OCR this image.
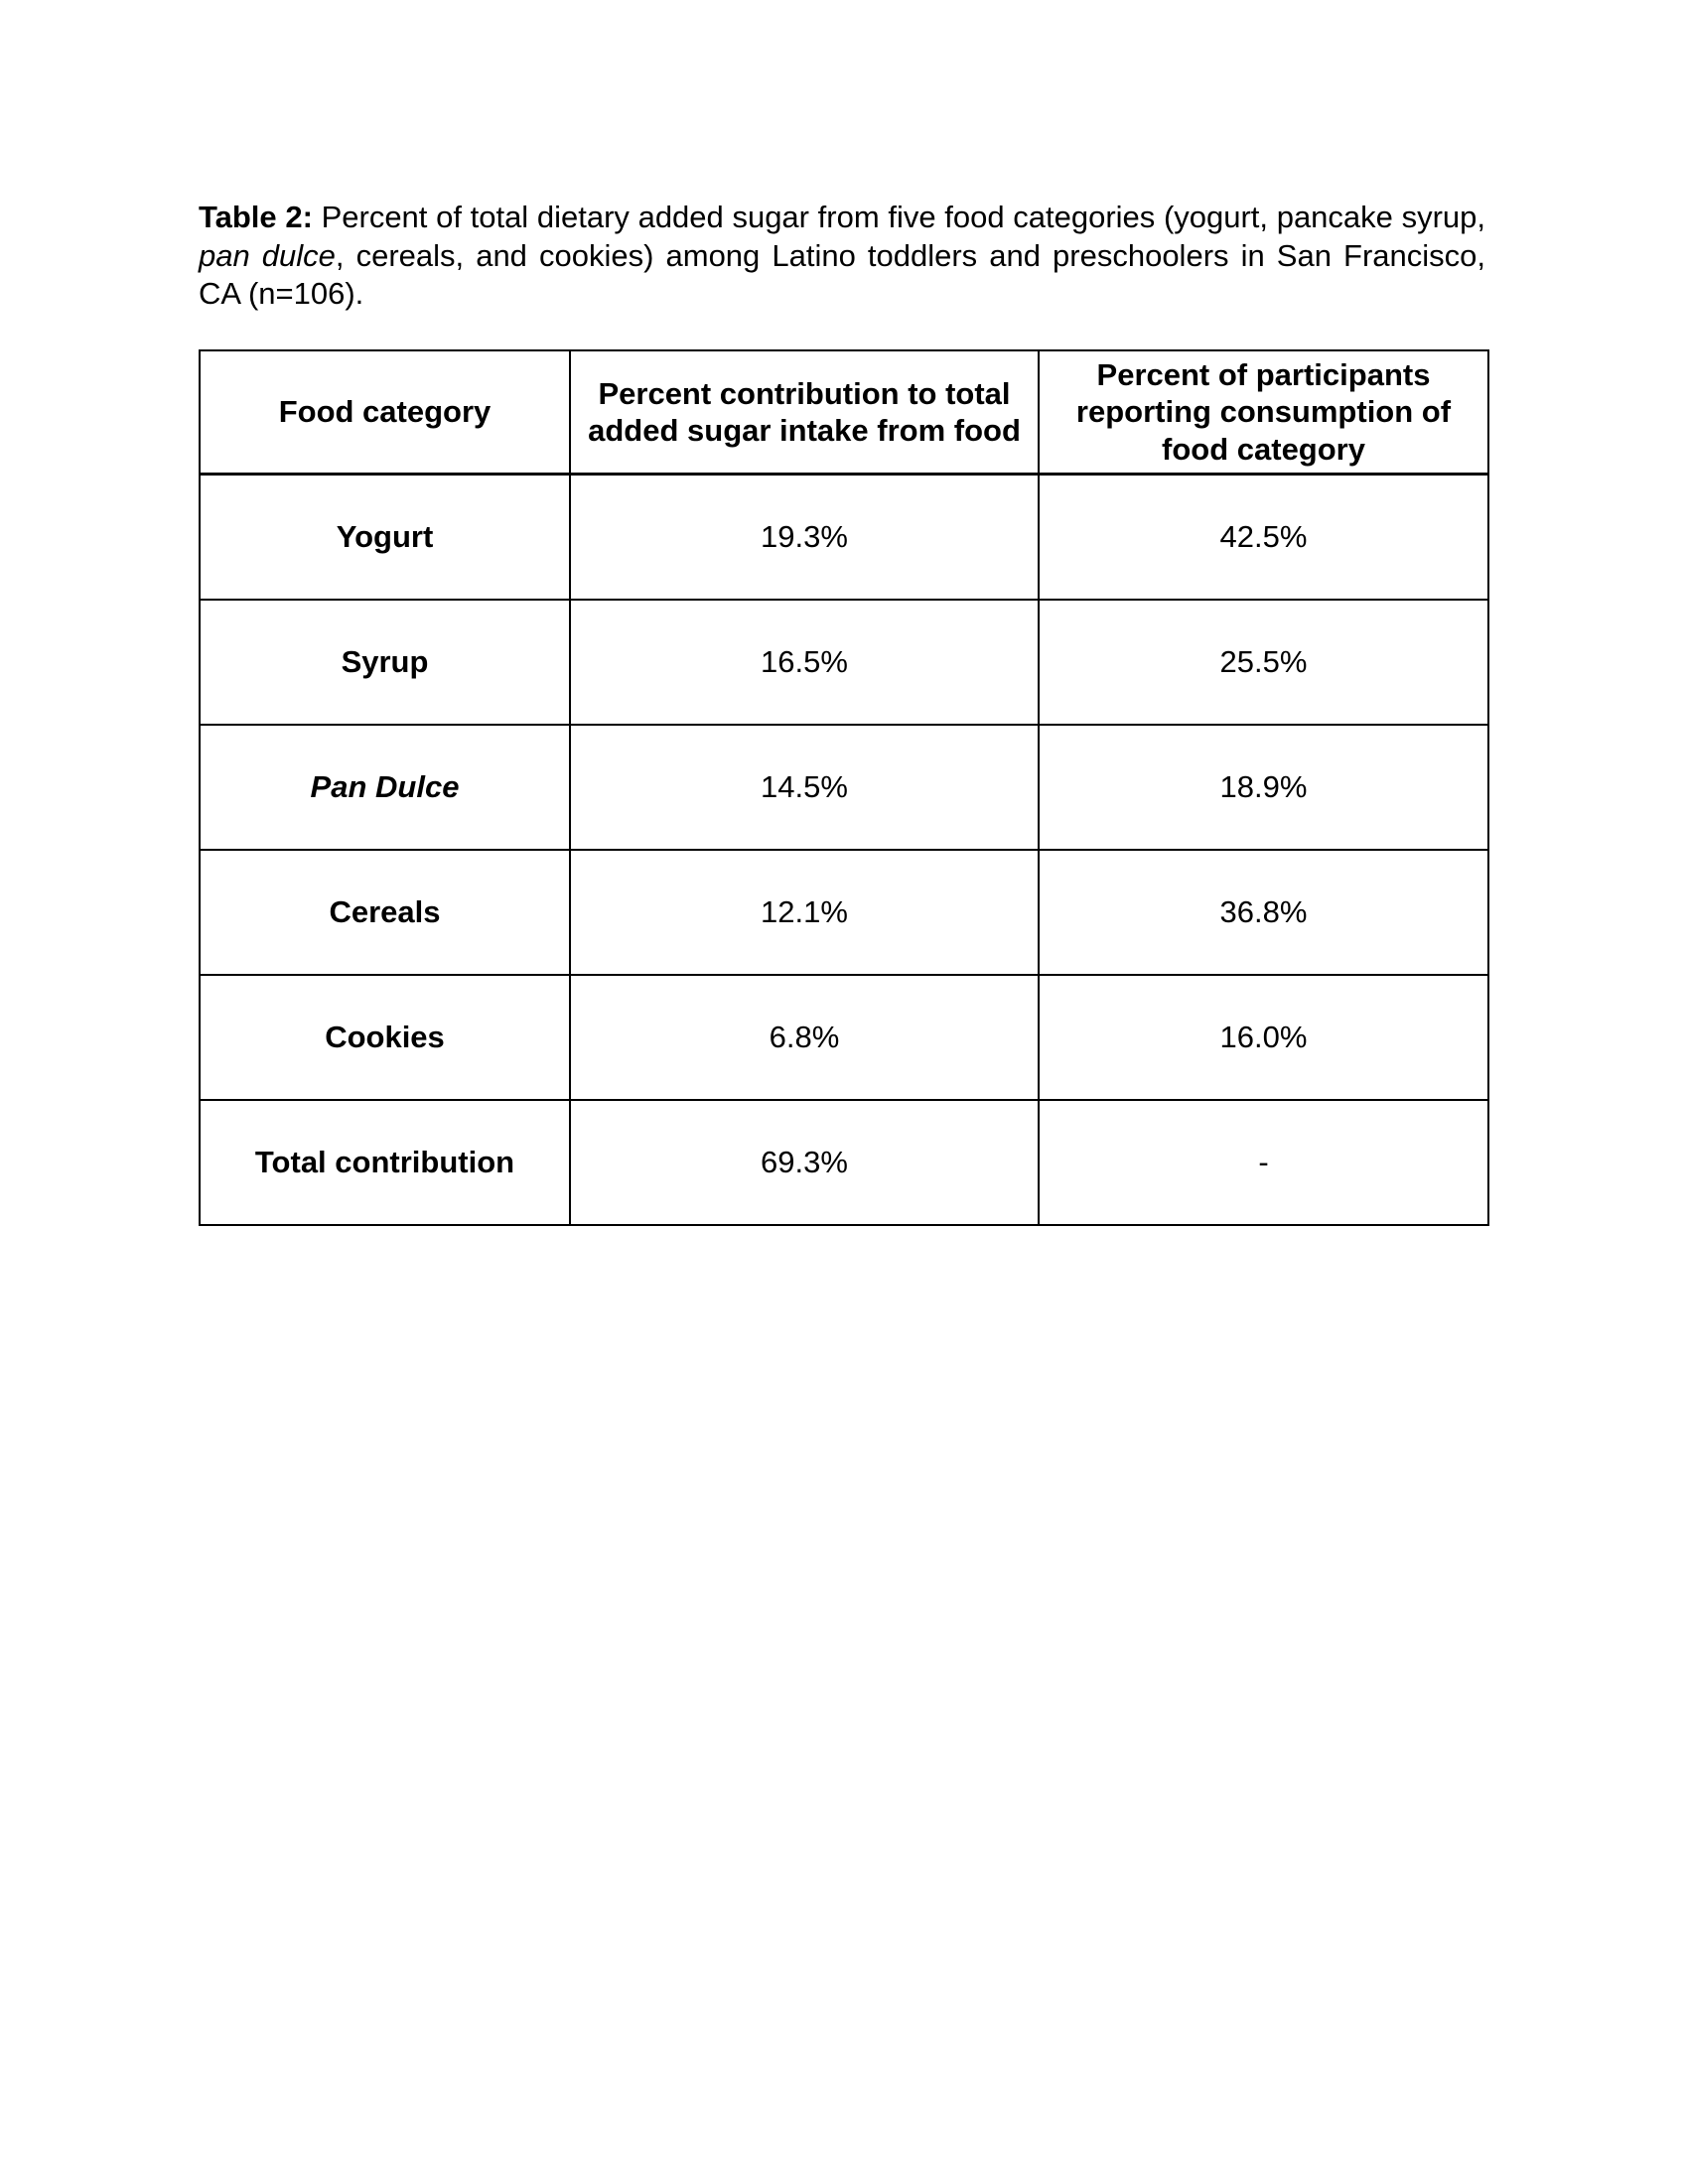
Table 2: Percent of total dietary added sugar from five food categories (yogurt, pancake syrup, pan dulce, cereals, and cookies) among Latino toddlers and preschoolers in San Francisco, CA (n=106).

Food category	Percent contribution to total added sugar intake from food	Percent of participants reporting consumption of food category
Yogurt	19.3%	42.5%
Syrup	16.5%	25.5%
Pan Dulce	14.5%	18.9%
Cereals	12.1%	36.8%
Cookies	6.8%	16.0%
Total contribution	69.3%	-
